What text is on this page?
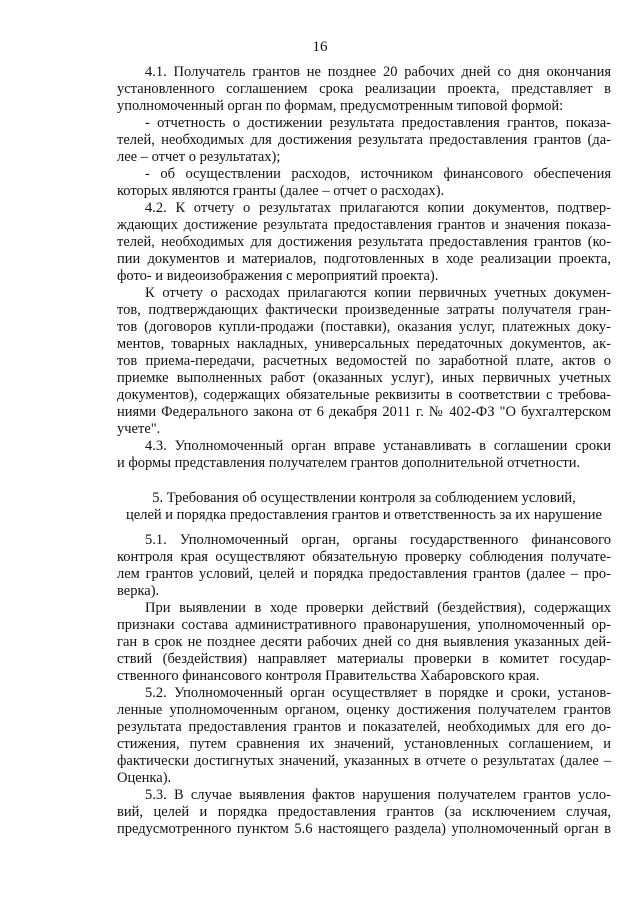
16
4.1. Получатель грантов не позднее 20 рабочих дней со дня окончания
установленного соглашением срока реализации проекта, представляет в
уполномоченный орган по формам, предусмотренным типовой формой:
- отчетность о достижении результата предоставления грантов, показа-
телей, необходимых для достижения результата предоставления грантов (да-
лее – отчет о результатах);
- об осуществлении расходов, источником финансового обеспечения
которых являются гранты (далее – отчет о расходах).
4.2. К отчету о результатах прилагаются копии документов, подтвер-
ждающих достижение результата предоставления грантов и значения показа-
телей, необходимых для достижения результата предоставления грантов (ко-
пии документов и материалов, подготовленных в ходе реализации проекта,
фото- и видеоизображения с мероприятий проекта).
К отчету о расходах прилагаются копии первичных учетных докумен-
тов, подтверждающих фактически произведенные затраты получателя гран-
тов (договоров купли-продажи (поставки), оказания услуг, платежных доку-
ментов, товарных накладных, универсальных передаточных документов, ак-
тов приема-передачи, расчетных ведомостей по заработной плате, актов о
приемке выполненных работ (оказанных услуг), иных первичных учетных
документов), содержащих обязательные реквизиты в соответствии с требова-
ниями Федерального закона от 6 декабря 2011 г. № 402-ФЗ "О бухгалтерском
учете".
4.3. Уполномоченный орган вправе устанавливать в соглашении сроки
и формы представления получателем грантов дополнительной отчетности.
5. Требования об осуществлении контроля за соблюдением условий,
целей и порядка предоставления грантов и ответственность за их нарушение
5.1. Уполномоченный орган, органы государственного финансового
контроля края осуществляют обязательную проверку соблюдения получате-
лем грантов условий, целей и порядка предоставления грантов (далее – про-
верка).
При выявлении в ходе проверки действий (бездействия), содержащих
признаки состава административного правонарушения, уполномоченный ор-
ган в срок не позднее десяти рабочих дней со дня выявления указанных дей-
ствий (бездействия) направляет материалы проверки в комитет государ-
ственного финансового контроля Правительства Хабаровского края.
5.2. Уполномоченный орган осуществляет в порядке и сроки, установ-
ленные уполномоченным органом, оценку достижения получателем грантов
результата предоставления грантов и показателей, необходимых для его до-
стижения, путем сравнения их значений, установленных соглашением, и
фактически достигнутых значений, указанных в отчете о результатах (далее –
Оценка).
5.3. В случае выявления фактов нарушения получателем грантов усло-
вий, целей и порядка предоставления грантов (за исключением случая,
предусмотренного пунктом 5.6 настоящего раздела) уполномоченный орган в
